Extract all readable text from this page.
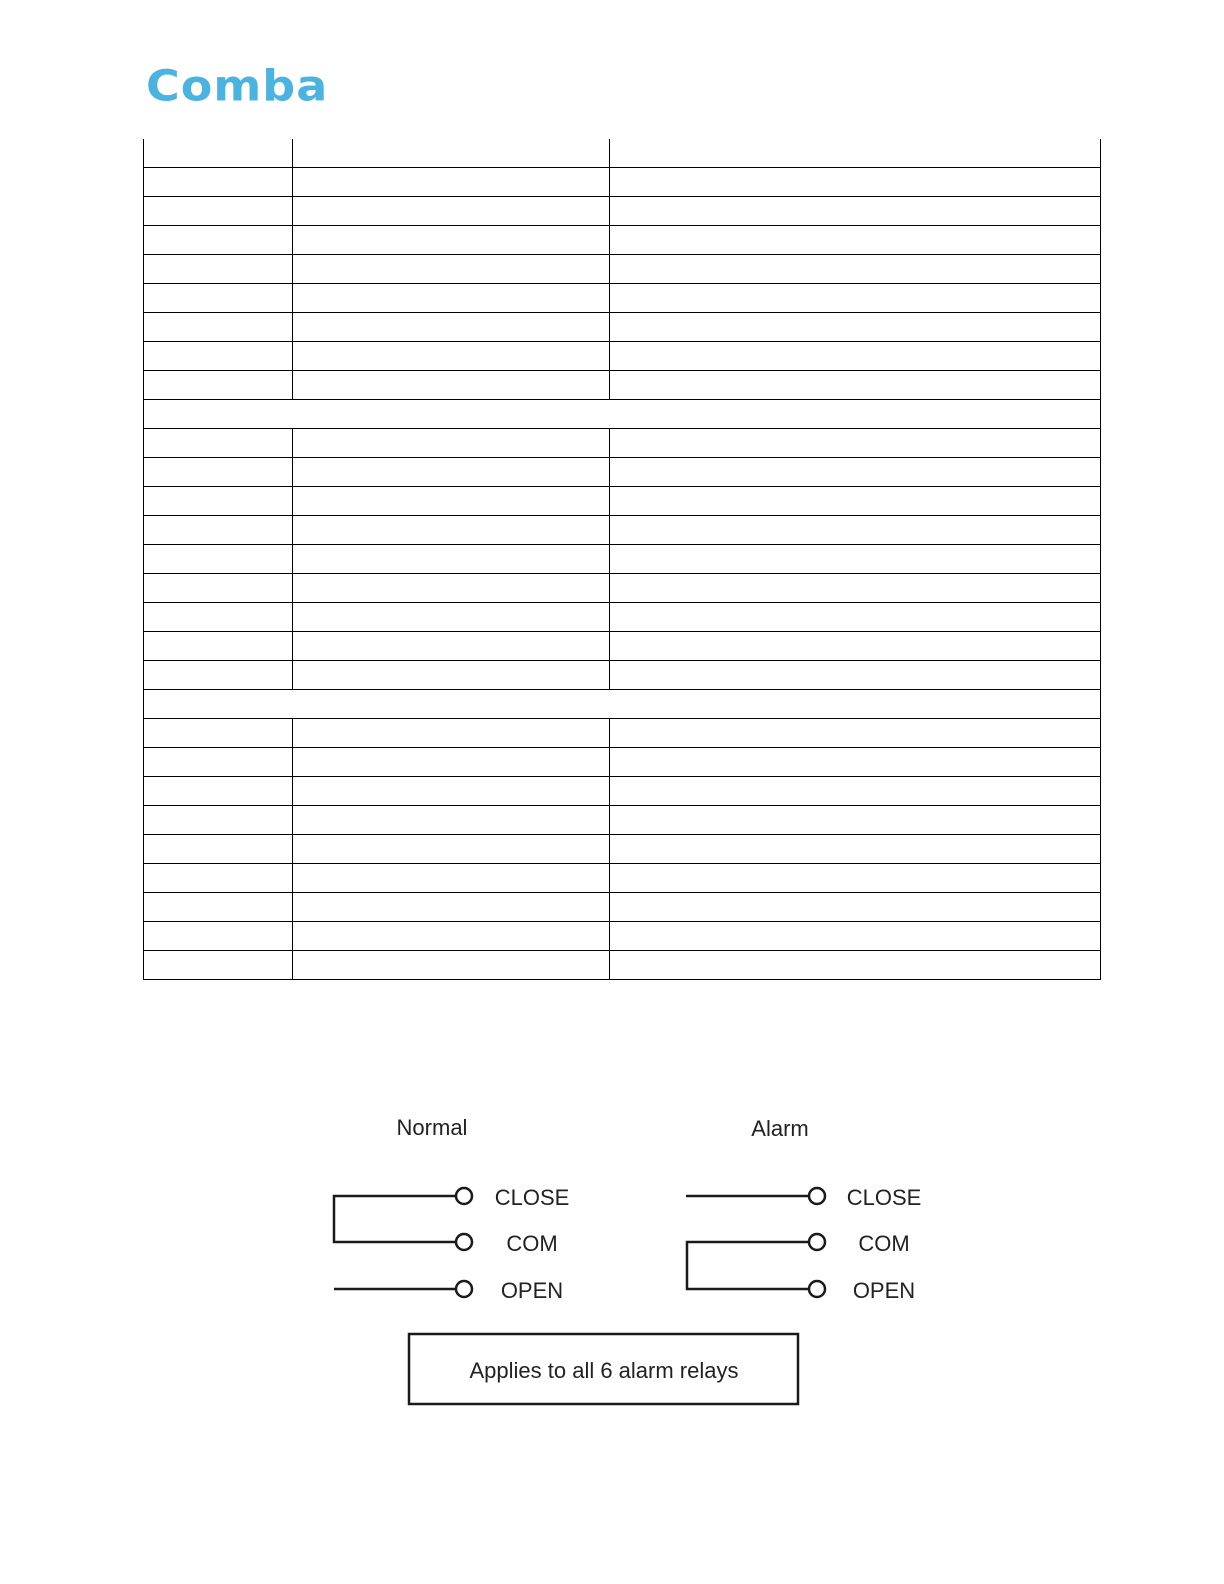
Comba

Normal	Alarm
CLOSE
COM
OPEN
CLOSE
COM
OPEN
Applies to all 6 alarm relays
